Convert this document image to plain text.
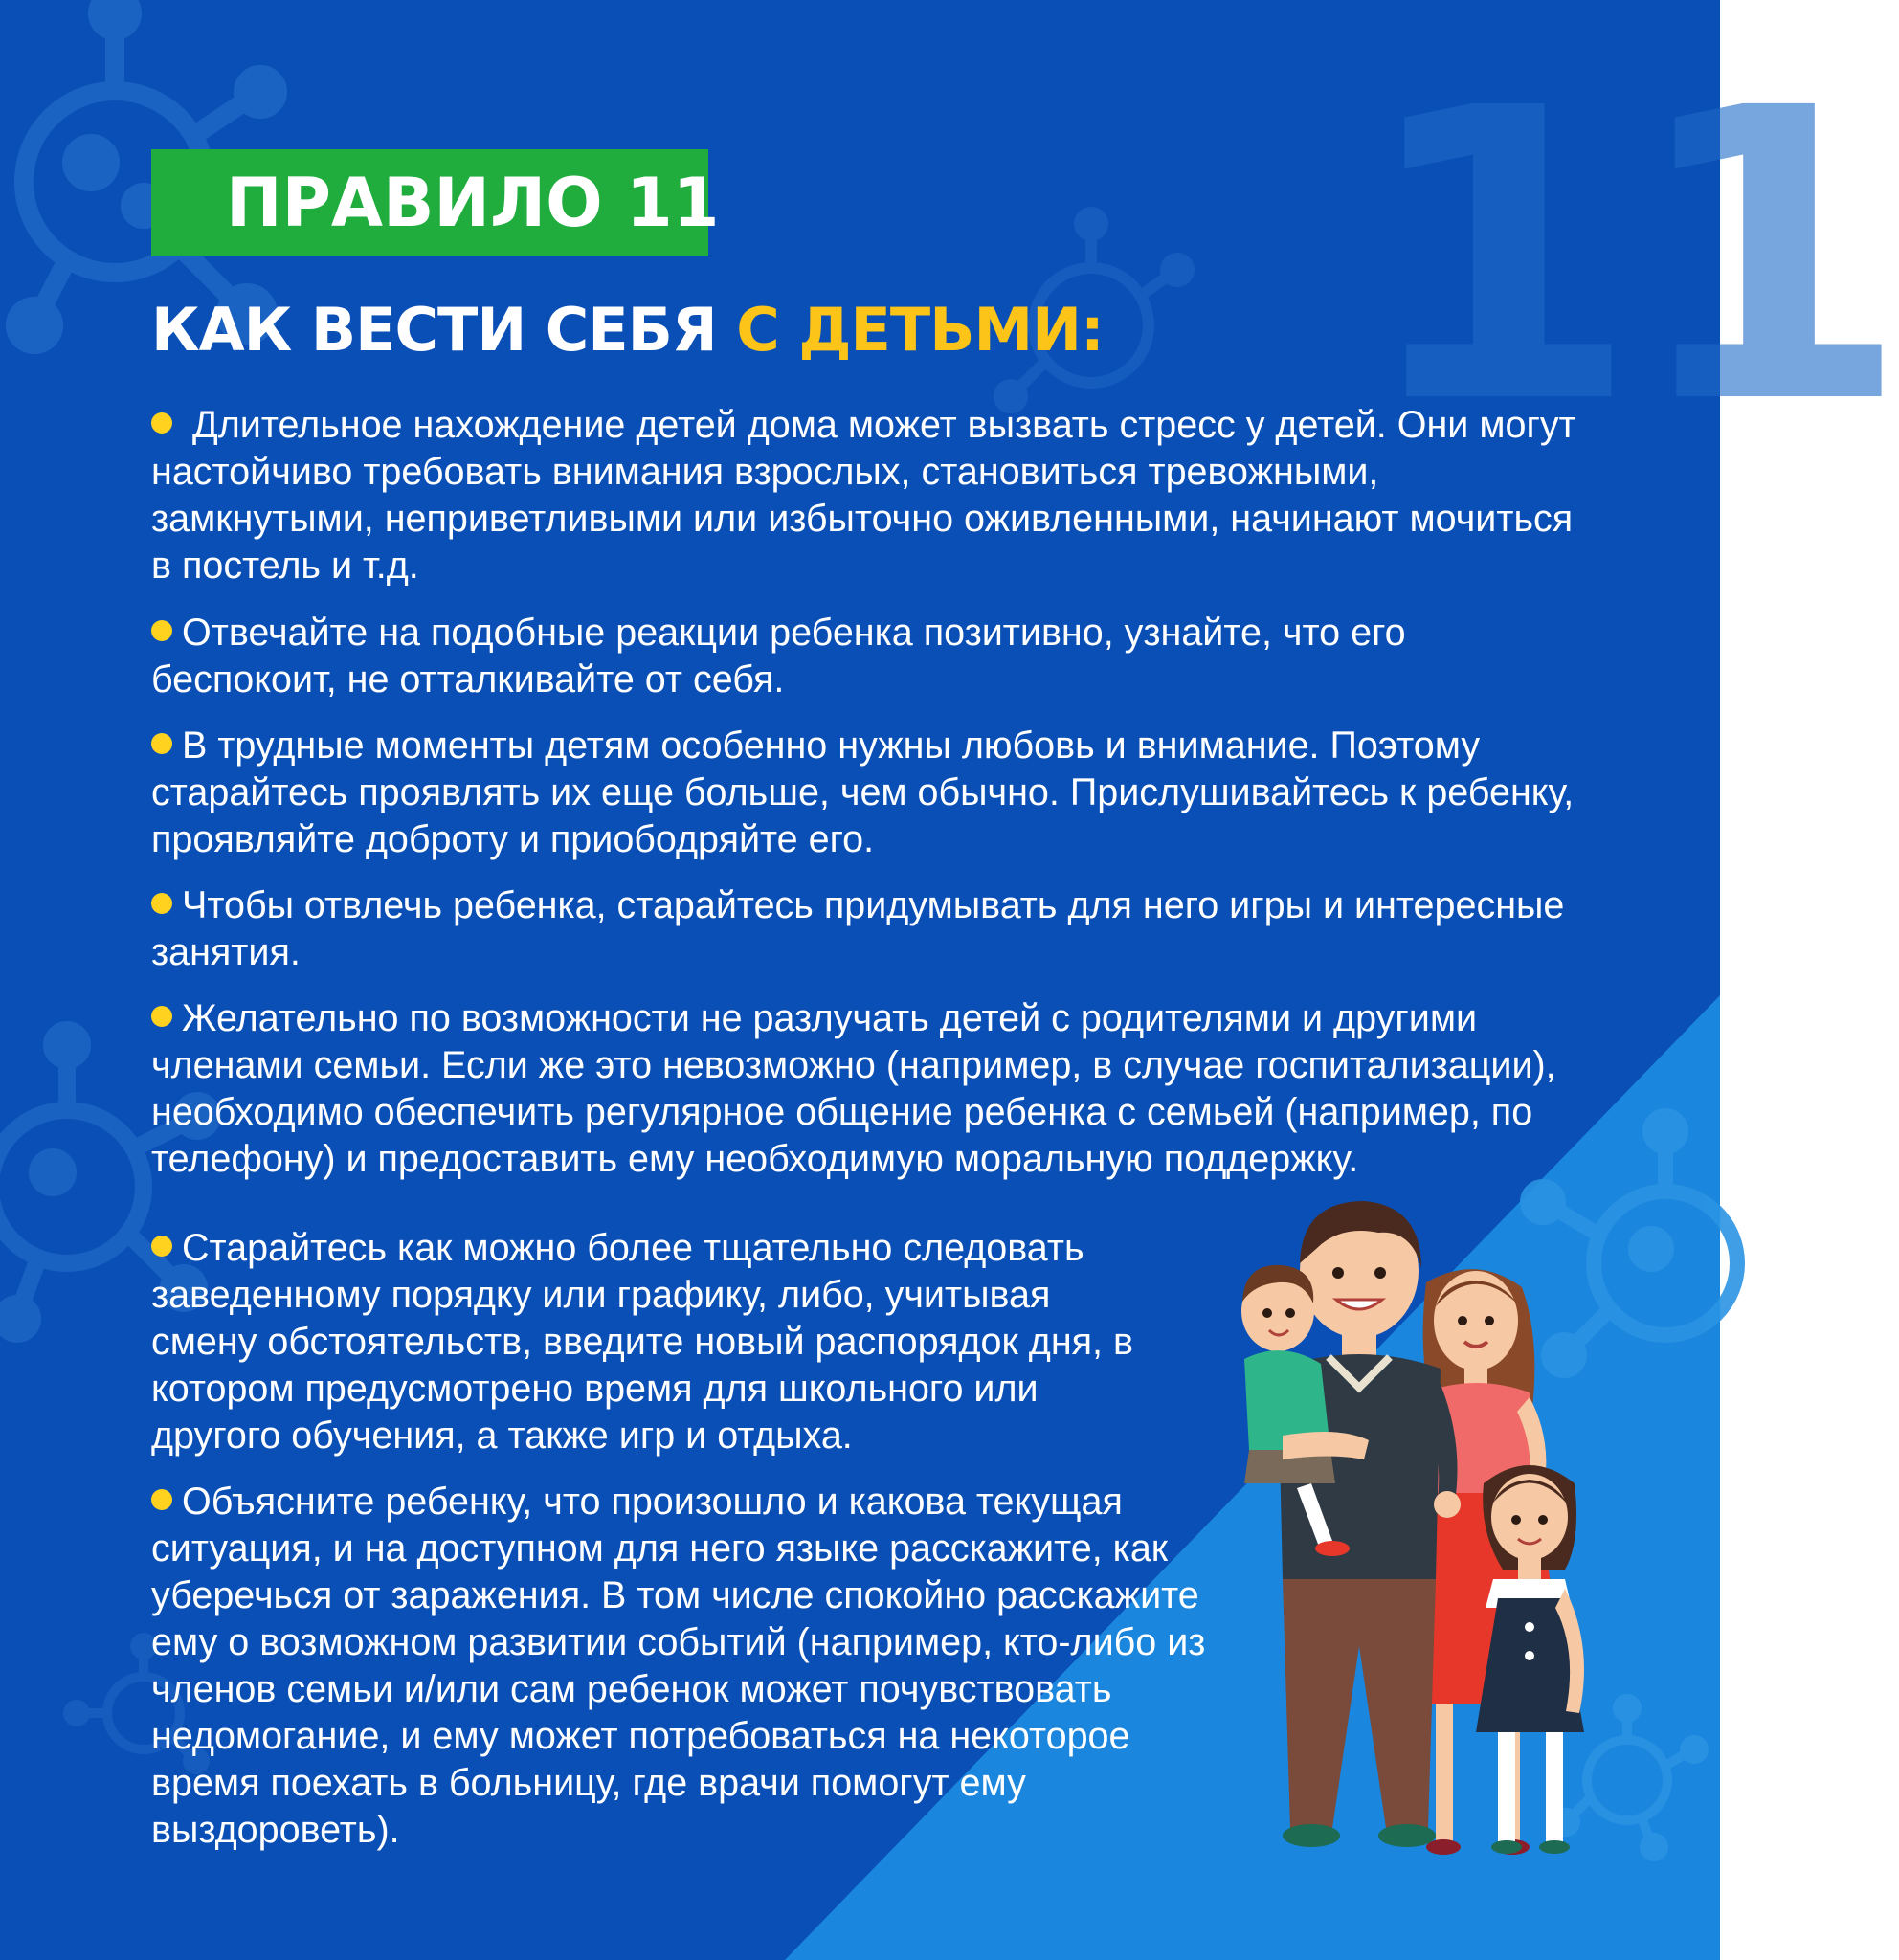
11
ПРАВИЛО 11
КАК ВЕСТИ СЕБЯ С ДЕТЬМИ:
Длительное нахождение детей дома может вызвать стресс у детей. Они могут настойчиво требовать внимания взрослых, становиться тревожными, замкнутыми, неприветливыми или избыточно оживленными, начинают мочиться в постель и т.д.
Отвечайте на подобные реакции ребенка позитивно, узнайте, что его беспокоит, не отталкивайте от себя.
В трудные моменты детям особенно нужны любовь и внимание. Поэтому старайтесь проявлять их еще больше, чем обычно. Прислушивайтесь к ребенку, проявляйте доброту и приободряйте его.
Чтобы отвлечь ребенка, старайтесь придумывать для него игры и интересные занятия.
Желательно по возможности не разлучать детей с родителями и другими членами семьи. Если же это невозможно (например, в случае госпитализации), необходимо обеспечить регулярное общение ребенка с семьей (например, по телефону) и предоставить ему необходимую моральную поддержку.
Старайтесь как можно более тщательно следовать заведенному порядку или графику, либо, учитывая смену обстоятельств, введите новый распорядок дня, в котором предусмотрено время для школьного или другого обучения, а также игр и отдыха.
Объясните ребенку, что произошло и какова текущая ситуация, и на доступном для него языке расскажите, как уберечься от заражения. В том числе спокойно расскажите ему о возможном развитии событий (например, кто-либо из членов семьи и/или сам ребенок может почувствовать недомогание, и ему может потребоваться на некоторое время поехать в больницу, где врачи помогут ему выздороветь).
